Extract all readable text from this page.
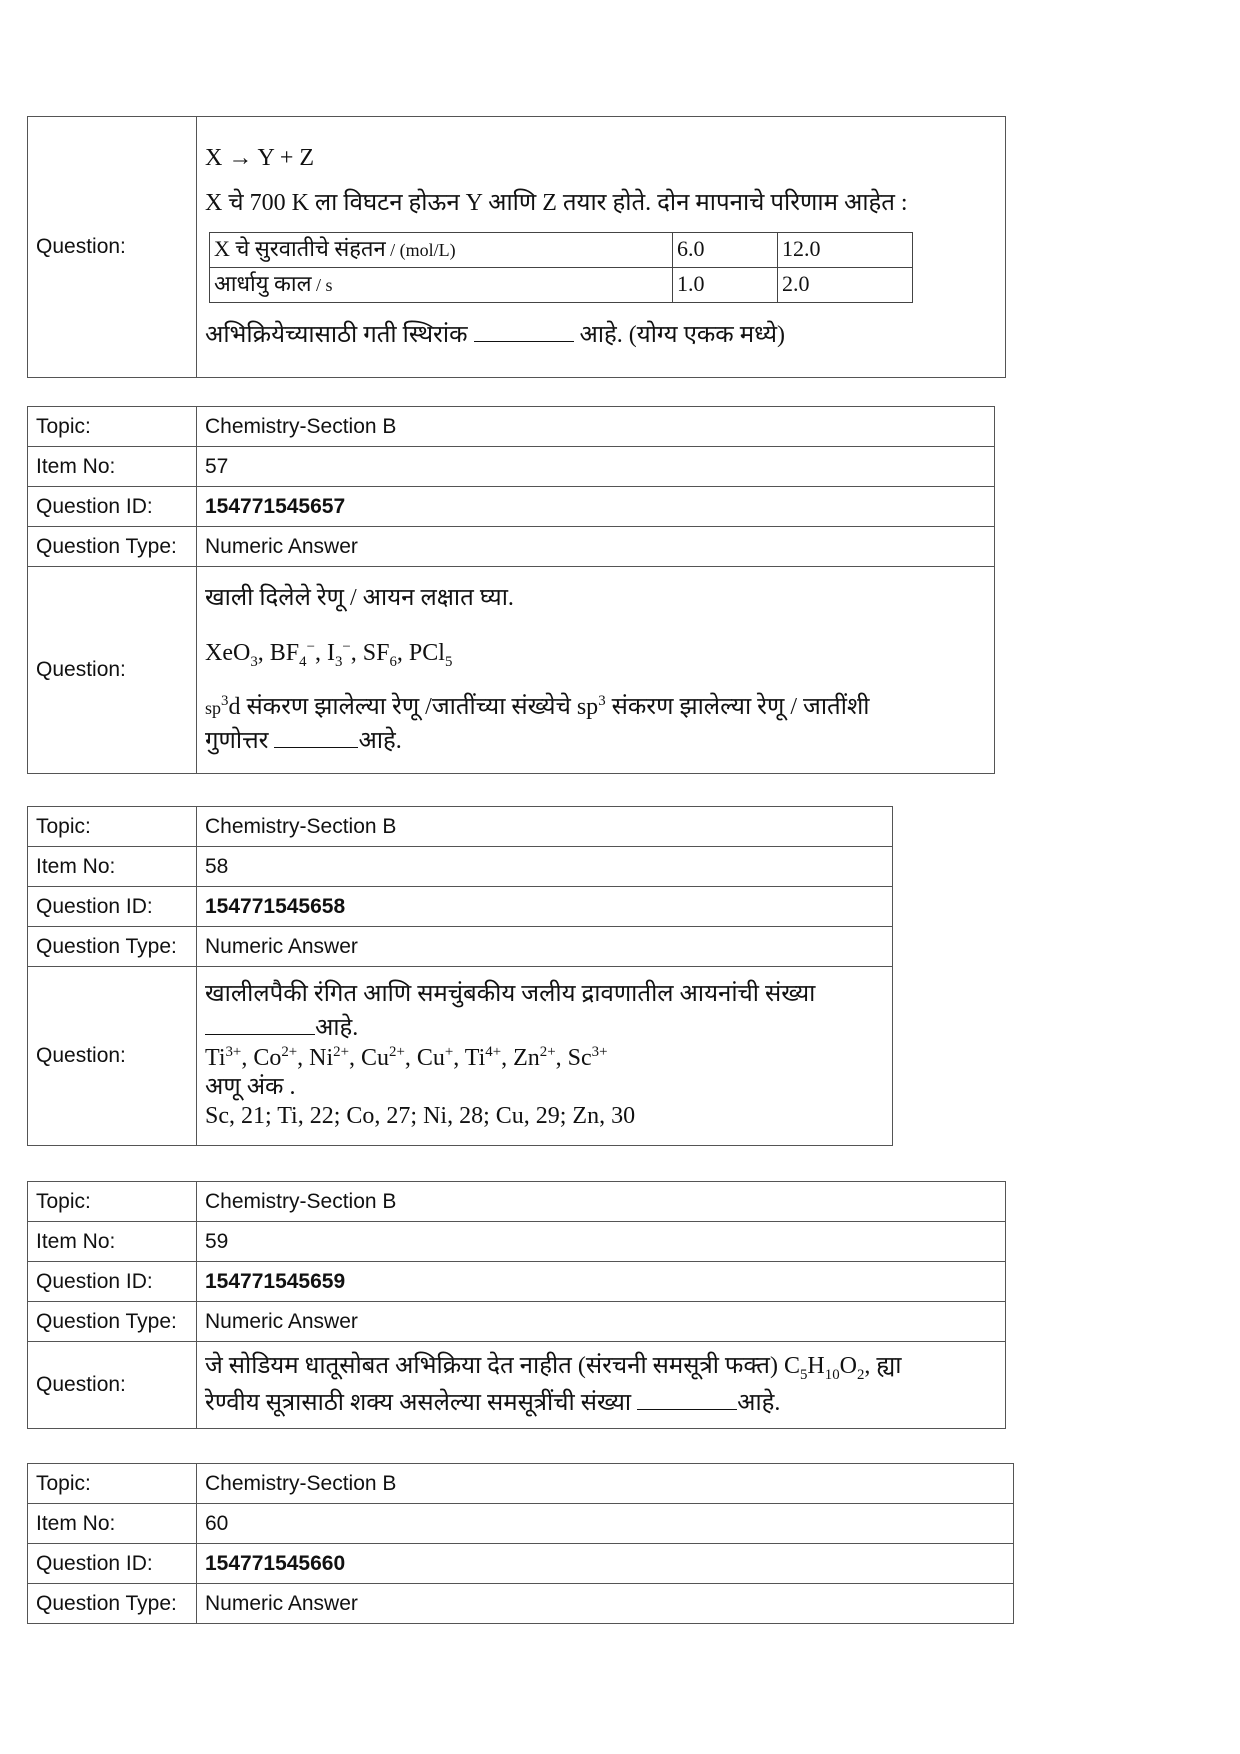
Question:	

X → Y + Z

X चे 700 K ला विघटन होऊन Y आणि Z तयार होते. दोन मापनाचे परिणाम आहेत :

X चे सुरवातीचे संहतन / (mol/L)	6.0	12.0
आर्धायु काल / s	1.0	2.0

अभिक्रियेच्यासाठी गती स्थिरांक	आहे. (योग्य एकक मध्ये)

Topic:	Chemistry-Section B
Item No:	57
Question ID:	154771545657
Question Type:	Numeric Answer
Question:	खाली दिलेले रेणू / आयन लक्षात घ्या.

XeO$_3$, $BF_4^-$, $I_3^-$, $SF_6$, PCl$_5$

$sp^3d$ संकरण झालेल्या रेणू /जातींच्या संख्येचे $sp^3$ संकरण झालेल्या रेणू / जातींशी

गुणोत्तर आहे.

Topic:	Chemistry-Section B
Item No:	58
Question ID:	154771545658
Question Type:	Numeric Answer
Question:	खालीलपैकी रंगित आणि समचुंबकीय जलीय द्रावणातील आयनांची संख्या

आहे.

$Ti^{3+}$, $Co^{2+}$, $Ni^{2+}$, $Cu^{2+}$, Cu+, $Ti^{4+}$, $Zn^{2+}$, $Sc^{3+}$

अणू अंक .

Sc, 21; Ti, 22; Co, 27; Ni, 28; Cu, 29; Zn, 30

Topic:	Chemistry-Section B
Item No:	59
Question ID:	154771545659
Question Type:	Numeric Answer
Question:	जे सोडियम धातूसोबत अभिक्रिया देत नाहीत (संरचनी समसूत्री फक्त) $C_5H_{10}O_2$, ह्या

रेण्वीय सूत्रासाठी शक्य असलेल्या समसूत्रींची संख्या आहे.

Topic:	Chemistry-Section B
Item No:	60
Question ID:	154771545660
Question Type:	Numeric Answer
